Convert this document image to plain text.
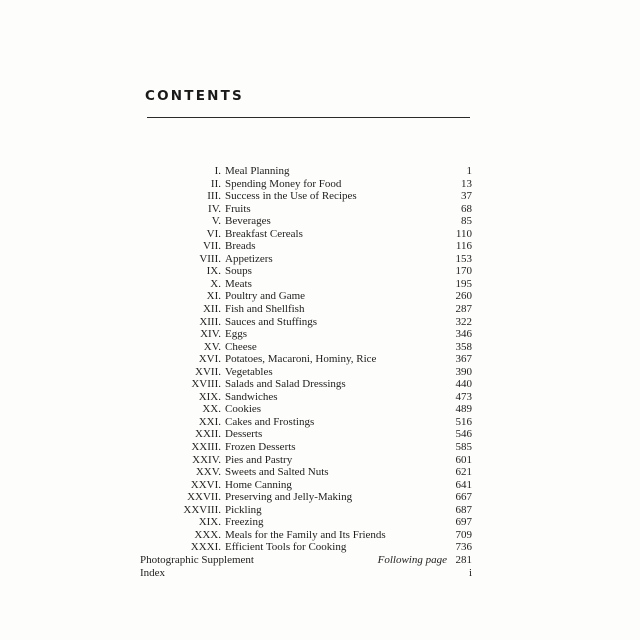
CONTENTS
I. Meal Planning	1
II. Spending Money for Food	13
III. Success in the Use of Recipes	37
IV. Fruits	68
V. Beverages	85
VI. Breakfast Cereals	110
VII. Breads	116
VIII. Appetizers	153
IX. Soups	170
X. Meats	195
XI. Poultry and Game	260
XII. Fish and Shellfish	287
XIII. Sauces and Stuffings	322
XIV. Eggs	346
XV. Cheese	358
XVI. Potatoes, Macaroni, Hominy, Rice	367
XVII. Vegetables	390
XVIII. Salads and Salad Dressings	440
XIX. Sandwiches	473
XX. Cookies	489
XXI. Cakes and Frostings	516
XXII. Desserts	546
XXIII. Frozen Desserts	585
XXIV. Pies and Pastry	601
XXV. Sweets and Salted Nuts	621
XXVI. Home Canning	641
XXVII. Preserving and Jelly-Making	667
XXVIII. Pickling	687
XIX. Freezing	697
XXX. Meals for the Family and Its Friends	709
XXXI. Efficient Tools for Cooking	736
Photographic Supplement	Following page 281
Index	i
